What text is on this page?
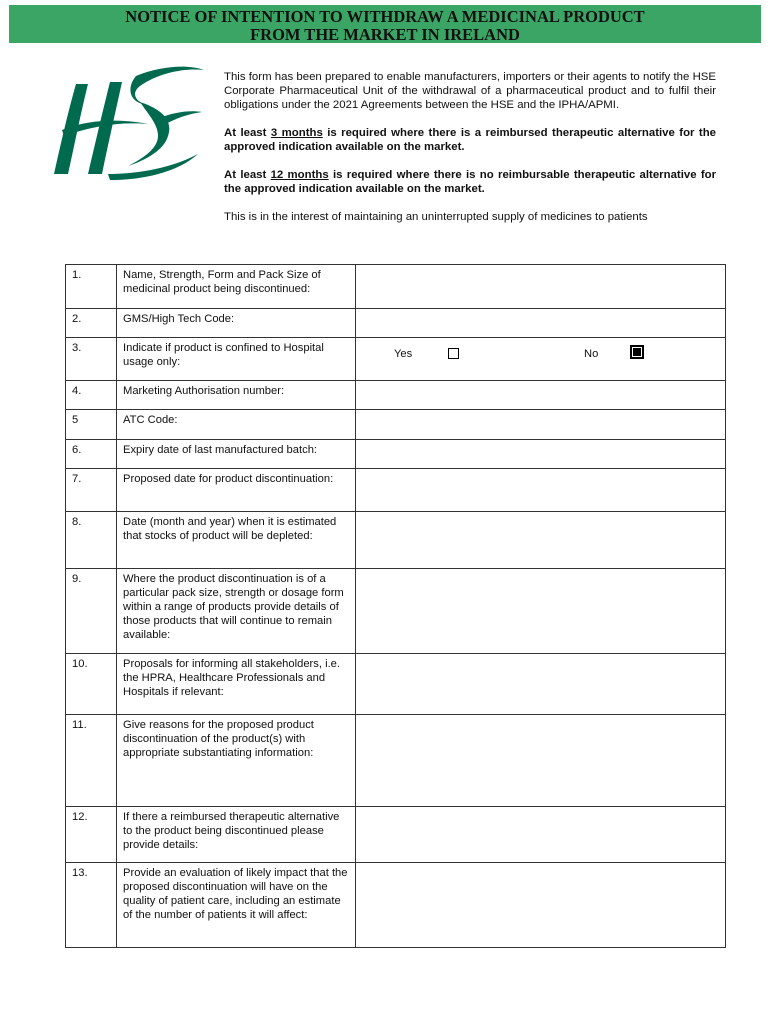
NOTICE OF INTENTION TO WITHDRAW A MEDICINAL PRODUCT
FROM THE MARKET IN IRELAND

This form has been prepared to enable manufacturers, importers or their agents to notify the HSE Corporate Pharmaceutical Unit of the withdrawal of a pharmaceutical product and to fulfil their obligations under the 2021 Agreements between the HSE and the IPHA/APMI.

At least 3 months is required where there is a reimbursed therapeutic alternative for the approved indication available on the market.

At least 12 months is required where there is no reimbursable therapeutic alternative for the approved indication available on the market.

This is in the interest of maintaining an uninterrupted supply of medicines to patients

1.	Name, Strength, Form and Pack Size of medicinal product being discontinued:	
2.	GMS/High Tech Code:	
3.	Indicate if product is confined to Hospital usage only:	Yes No

4.	Marketing Authorisation number:	
5	ATC Code:	
6.	Expiry date of last manufactured batch:	
7.	Proposed date for product discontinuation:	
8.	Date (month and year) when it is estimated that stocks of product will be depleted:	
9.	Where the product discontinuation is of a particular pack size, strength or dosage form within a range of products provide details of those products that will continue to remain available:	
10.	Proposals for informing all stakeholders, i.e. the HPRA, Healthcare Professionals and Hospitals if relevant:	
11.	Give reasons for the proposed product discontinuation of the product(s) with appropriate substantiating information:	
12.	If there a reimbursed therapeutic alternative to the product being discontinued please provide details:	
13.	Provide an evaluation of likely impact that the proposed discontinuation will have on the quality of patient care, including an estimate of the number of patients it will affect:	
